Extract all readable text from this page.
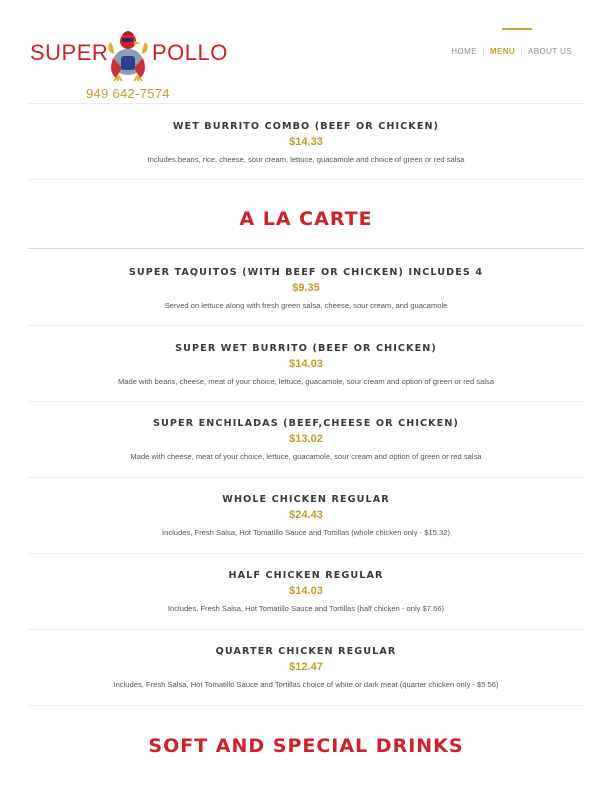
SUPER POLLO
949 642-7574
HOME	MENU	ABOUT US
WET BURRITO COMBO (BEEF OR CHICKEN)
$14.33
Includes beans, rice, cheese, sour cream, lettuce, guacamole and choice of green or red salsa
A LA CARTE
SUPER TAQUITOS (WITH BEEF OR CHICKEN) INCLUDES 4
$9.35
Served on lettuce along with fresh green salsa, cheese, sour cream, and guacamole
SUPER WET BURRITO (BEEF OR CHICKEN)
$14.03
Made with beans, cheese, meat of your choice, lettuce, guacamole, sour cream and option of green or red salsa
SUPER ENCHILADAS (BEEF,CHEESE OR CHICKEN)
$13.02
Made with cheese, meat of your choice, lettuce, guacamole, sour cream and option of green or red salsa
WHOLE CHICKEN REGULAR
$24.43
Includes, Fresh Salsa, Hot Tomatillo Sauce and Tortillas (whole chicken only - $15.32)
HALF CHICKEN REGULAR
$14.03
Includes, Fresh Salsa, Hot Tomatillo Sauce and Tortillas (half chicken - only $7.66)
QUARTER CHICKEN REGULAR
$12.47
Includes, Fresh Salsa, Hot Tomatillo Sauce and Tortillas choice of white or dark meat (quarter chicken only - $5.56)
SOFT AND SPECIAL DRINKS
